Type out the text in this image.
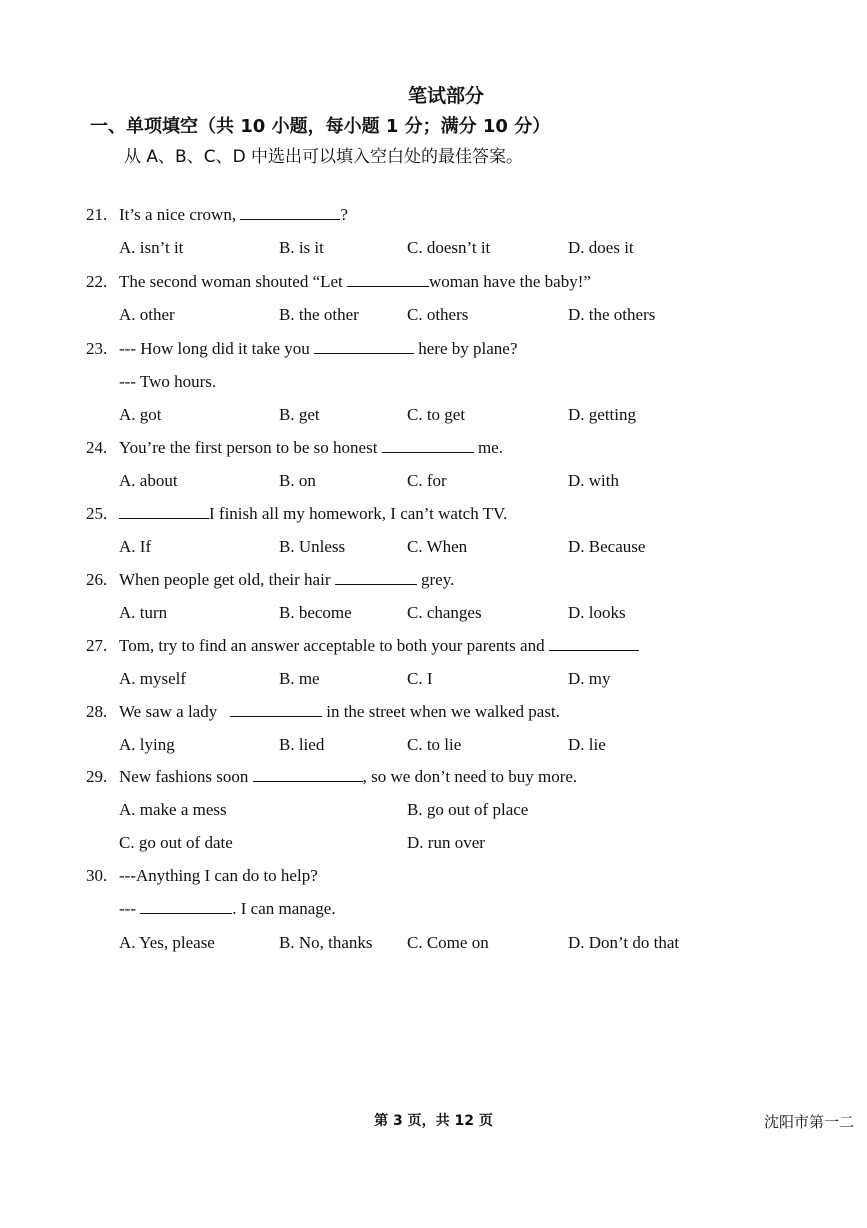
笔试部分
一、单项填空（共 10 小题，每小题 1 分；满分 10 分）
从 A、B、C、D 中选出可以填入空白处的最佳答案。
21. It’s a nice crown,	?
A. isn’t it	B. is it	C. doesn’t it	D. does it
22. The second woman shouted “Let	woman have the baby!”
A. other	B. the other	C. others	D. the others
23. --- How long did it take you	here by plane?
--- Two hours.
A. got	B. get	C. to get	D. getting
24. You’re the first person to be so honest	me.
A. about	B. on	C. for	D. with
25.	I finish all my homework, I can’t watch TV.
A. If	B. Unless	C. When	D. Because
26. When people get old, their hair	grey.
A. turn	B. become	C. changes	D. looks
27. Tom, try to find an answer acceptable to both your parents and
A. myself	B. me	C. I	D. my
28. We saw a lady	in the street when we walked past.
A. lying	B. lied	C. to lie	D. lie
29. New fashions soon	, so we don’t need to buy more.
A. make a mess	B. go out of place
C. go out of date	D. run over
30. ---Anything I can do to help?
---	. I can manage.
A. Yes, please	B. No, thanks C. Come on	D. Don’t do that
第 3 页，共 12 页	沈阳市第一二
